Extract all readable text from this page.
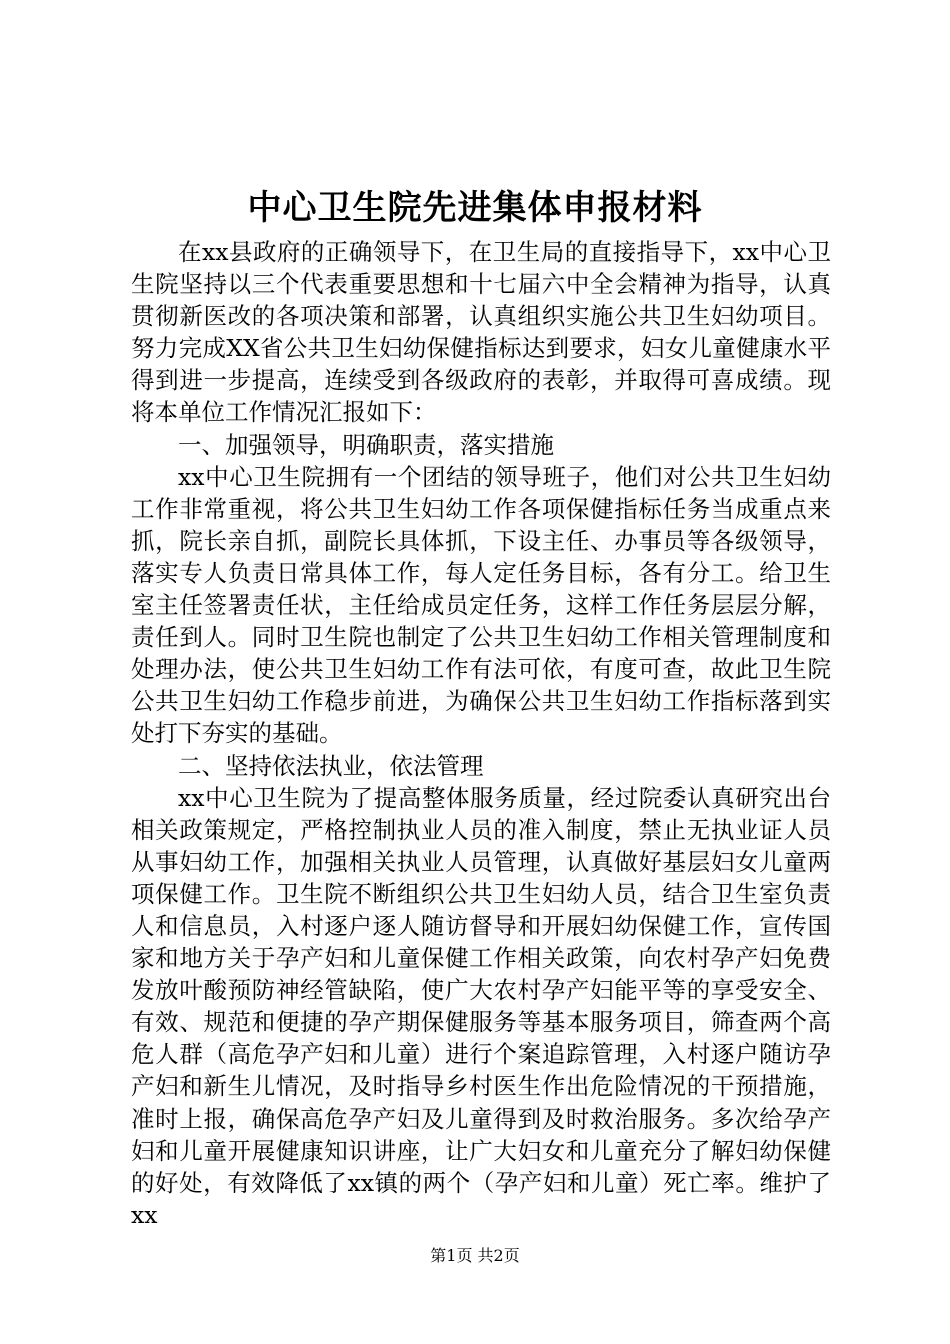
中心卫生院先进集体申报材料

在xx县政府的正确领导下，在卫生局的直接指导下，xx中心卫生院坚持以三个代表重要思想和十七届六中全会精神为指导，认真贯彻新医改的各项决策和部署，认真组织实施公共卫生妇幼项目。努力完成XX省公共卫生妇幼保健指标达到要求，妇女儿童健康水平得到进一步提高，连续受到各级政府的表彰，并取得可喜成绩。现将本单位工作情况汇报如下：

一、加强领导，明确职责，落实措施

xx中心卫生院拥有一个团结的领导班子，他们对公共卫生妇幼工作非常重视，将公共卫生妇幼工作各项保健指标任务当成重点来抓，院长亲自抓，副院长具体抓，下设主任、办事员等各级领导，落实专人负责日常具体工作，每人定任务目标，各有分工。给卫生室主任签署责任状，主任给成员定任务，这样工作任务层层分解，责任到人。同时卫生院也制定了公共卫生妇幼工作相关管理制度和处理办法，使公共卫生妇幼工作有法可依，有度可查，故此卫生院公共卫生妇幼工作稳步前进，为确保公共卫生妇幼工作指标落到实处打下夯实的基础。

二、坚持依法执业，依法管理

xx中心卫生院为了提高整体服务质量，经过院委认真研究出台相关政策规定，严格控制执业人员的准入制度，禁止无执业证人员从事妇幼工作，加强相关执业人员管理，认真做好基层妇女儿童两项保健工作。卫生院不断组织公共卫生妇幼人员，结合卫生室负责人和信息员，入村逐户逐人随访督导和开展妇幼保健工作，宣传国家和地方关于孕产妇和儿童保健工作相关政策，向农村孕产妇免费发放叶酸预防神经管缺陷，使广大农村孕产妇能平等的享受安全、有效、规范和便捷的孕产期保健服务等基本服务项目，筛查两个高危人群（高危孕产妇和儿童）进行个案追踪管理，入村逐户随访孕产妇和新生儿情况，及时指导乡村医生作出危险情况的干预措施，准时上报，确保高危孕产妇及儿童得到及时救治服务。多次给孕产妇和儿童开展健康知识讲座，让广大妇女和儿童充分了解妇幼保健的好处，有效降低了xx镇的两个（孕产妇和儿童）死亡率。维护了xx

第1页 共2页
